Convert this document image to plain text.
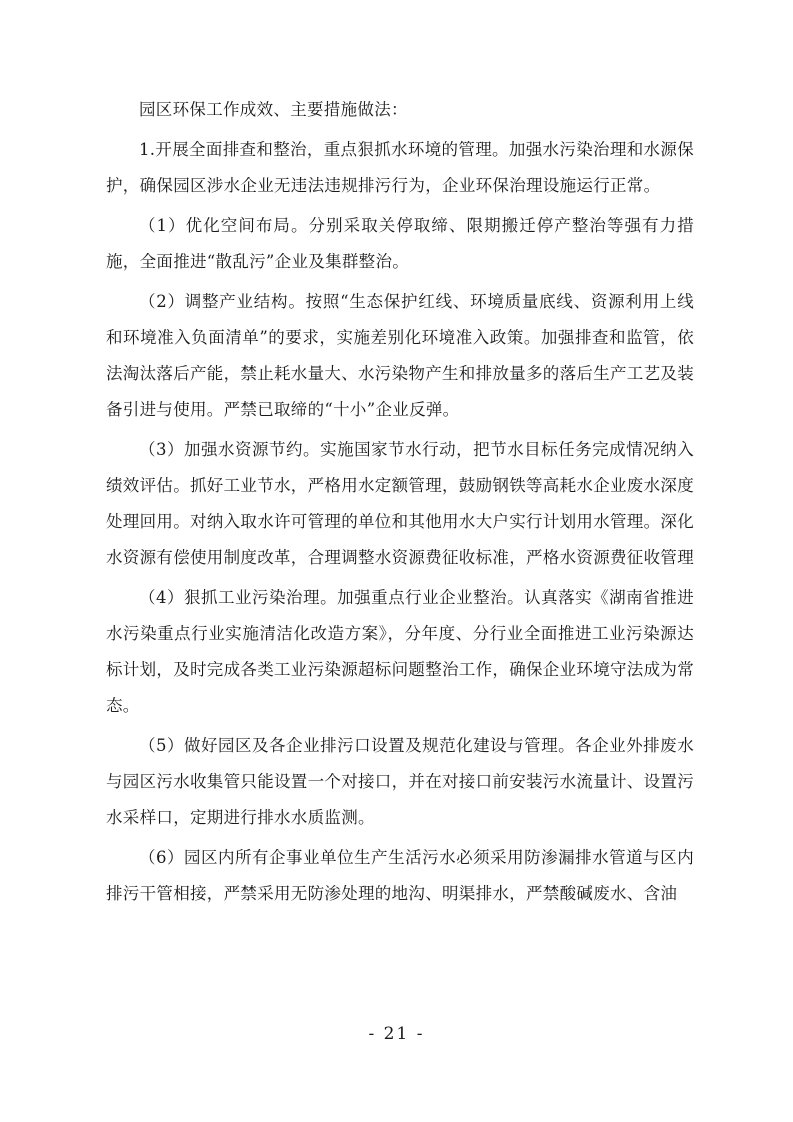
园区环保工作成效、主要措施做法：

1.开展全面排查和整治，重点狠抓水环境的管理。加强水污染治理和水源保护，确保园区涉水企业无违法违规排污行为，企业环保治理设施运行正常。

（1）优化空间布局。分别采取关停取缔、限期搬迁停产整治等强有力措施，全面推进“散乱污”企业及集群整治。

（2）调整产业结构。按照“生态保护红线、环境质量底线、资源利用上线和环境准入负面清单”的要求，实施差别化环境准入政策。加强排查和监管，依法淘汰落后产能，禁止耗水量大、水污染物产生和排放量多的落后生产工艺及装备引进与使用。严禁已取缔的“十小”企业反弹。

（3）加强水资源节约。实施国家节水行动，把节水目标任务完成情况纳入绩效评估。抓好工业节水，严格用水定额管理，鼓励钢铁等高耗水企业废水深度处理回用。对纳入取水许可管理的单位和其他用水大户实行计划用水管理。深化水资源有偿使用制度改革，合理调整水资源费征收标准，严格水资源费征收管理

（4）狠抓工业污染治理。加强重点行业企业整治。认真落实《湖南省推进水污染重点行业实施清洁化改造方案》，分年度、分行业全面推进工业污染源达标计划，及时完成各类工业污染源超标问题整治工作，确保企业环境守法成为常态。

（5）做好园区及各企业排污口设置及规范化建设与管理。各企业外排废水与园区污水收集管只能设置一个对接口，并在对接口前安装污水流量计、设置污水采样口，定期进行排水水质监测。

（6）园区内所有企事业单位生产生活污水必须采用防渗漏排水管道与区内排污干管相接，严禁采用无防渗处理的地沟、明渠排水，严禁酸碱废水、含油

- 21 -
